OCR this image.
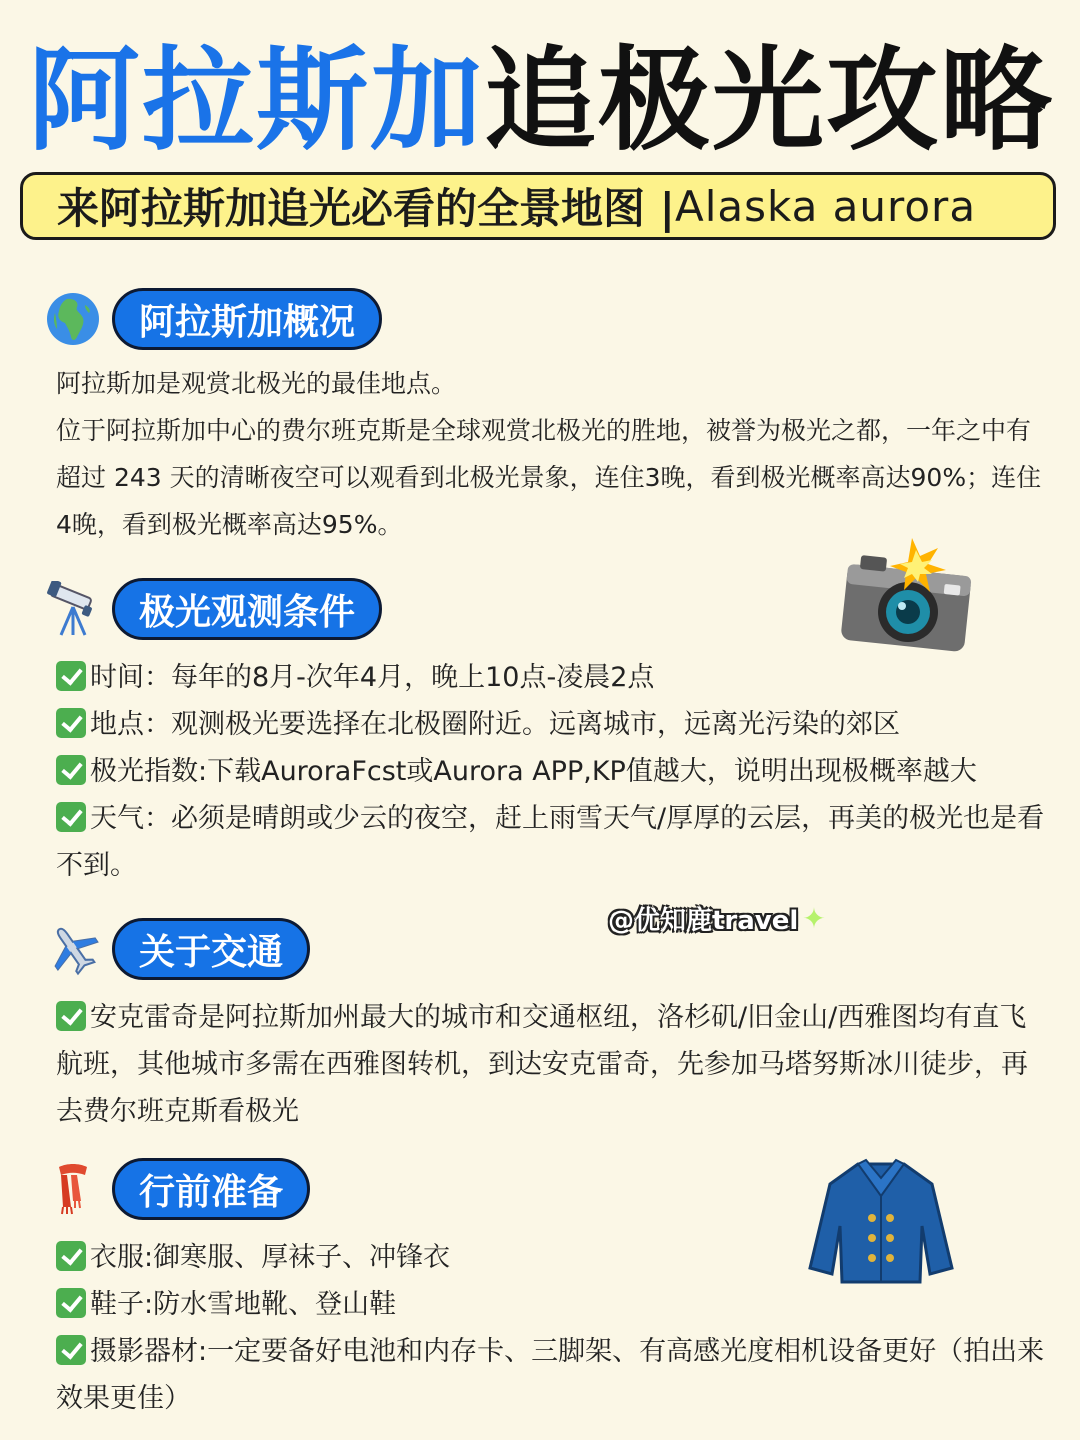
阿拉斯加追极光攻略
来阿拉斯加追光必看的全景地图 | Alaska aurora
阿拉斯加概况

阿拉斯加是观赏北极光的最佳地点。

位于阿拉斯加中心的费尔班克斯是全球观赏北极光的胜地，被誉为极光之都，一年之中有超过 243 天的清晰夜空可以观看到北极光景象，连住3晚，看到极光概率高达90%；连住4晚，看到极光概率高达95%。

极光观测条件

时间：每年的8月-次年4月，晚上10点-凌晨2点

地点：观测极光要选择在北极圈附近。远离城市，远离光污染的郊区

极光指数:下载AuroraFcst或Aurora APP,KP值越大，说明出现极概率越大

天气：必须是晴朗或少云的夜空，赶上雨雪天气/厚厚的云层，再美的极光也是看不到。

@优知鹿travel ✦
关于交通

安克雷奇是阿拉斯加州最大的城市和交通枢纽，洛杉矶/旧金山/西雅图均有直飞航班，其他城市多需在西雅图转机，到达安克雷奇，先参加马塔努斯冰川徒步，再去费尔班克斯看极光

行前准备

衣服:御寒服、厚袜子、冲锋衣

鞋子:防水雪地靴、登山鞋

摄影器材:一定要备好电池和内存卡、三脚架、有高感光度相机设备更好（拍出来效果更佳）
